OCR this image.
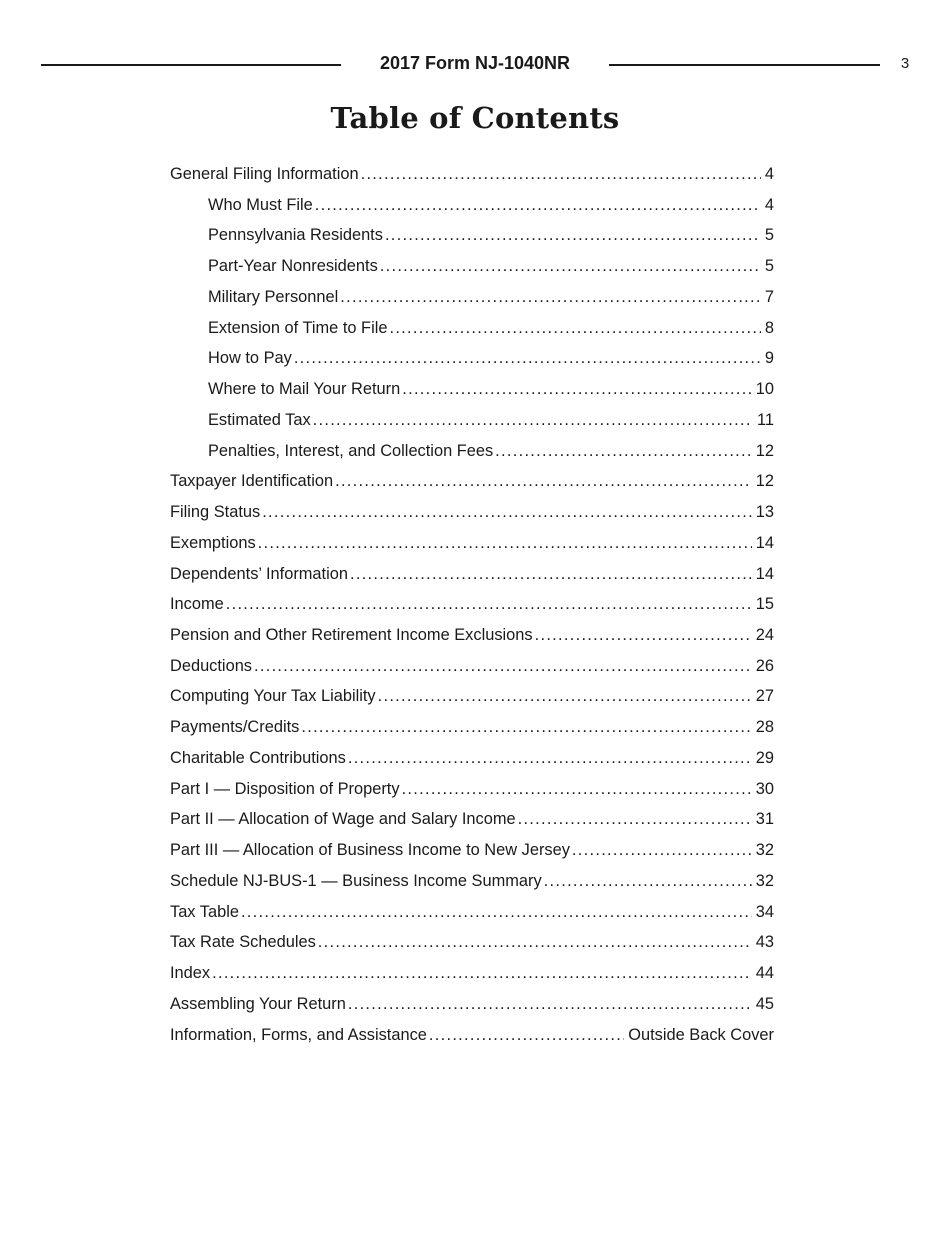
2017 Form NJ-1040NR	3
Table of Contents
General Filing Information .....	4
Who Must File .....	4
Pennsylvania Residents .....	5
Part-Year Nonresidents .....	5
Military Personnel .....	7
Extension of Time to File .....	8
How to Pay .....	9
Where to Mail Your Return .....	10
Estimated Tax .....	11
Penalties, Interest, and Collection Fees .....	12
Taxpayer Identification .....	12
Filing Status .....	13
Exemptions .....	14
Dependents’ Information .....	14
Income .....	15
Pension and Other Retirement Income Exclusions .....	24
Deductions .....	26
Computing Your Tax Liability .....	27
Payments/Credits .....	28
Charitable Contributions .....	29
Part I — Disposition of Property .....	30
Part II — Allocation of Wage and Salary Income .....	31
Part III — Allocation of Business Income to New Jersey .....	32
Schedule NJ-BUS-1 — Business Income Summary .....	32
Tax Table .....	34
Tax Rate Schedules .....	43
Index .....	44
Assembling Your Return .....	45
Information, Forms, and Assistance .....	Outside Back Cover
